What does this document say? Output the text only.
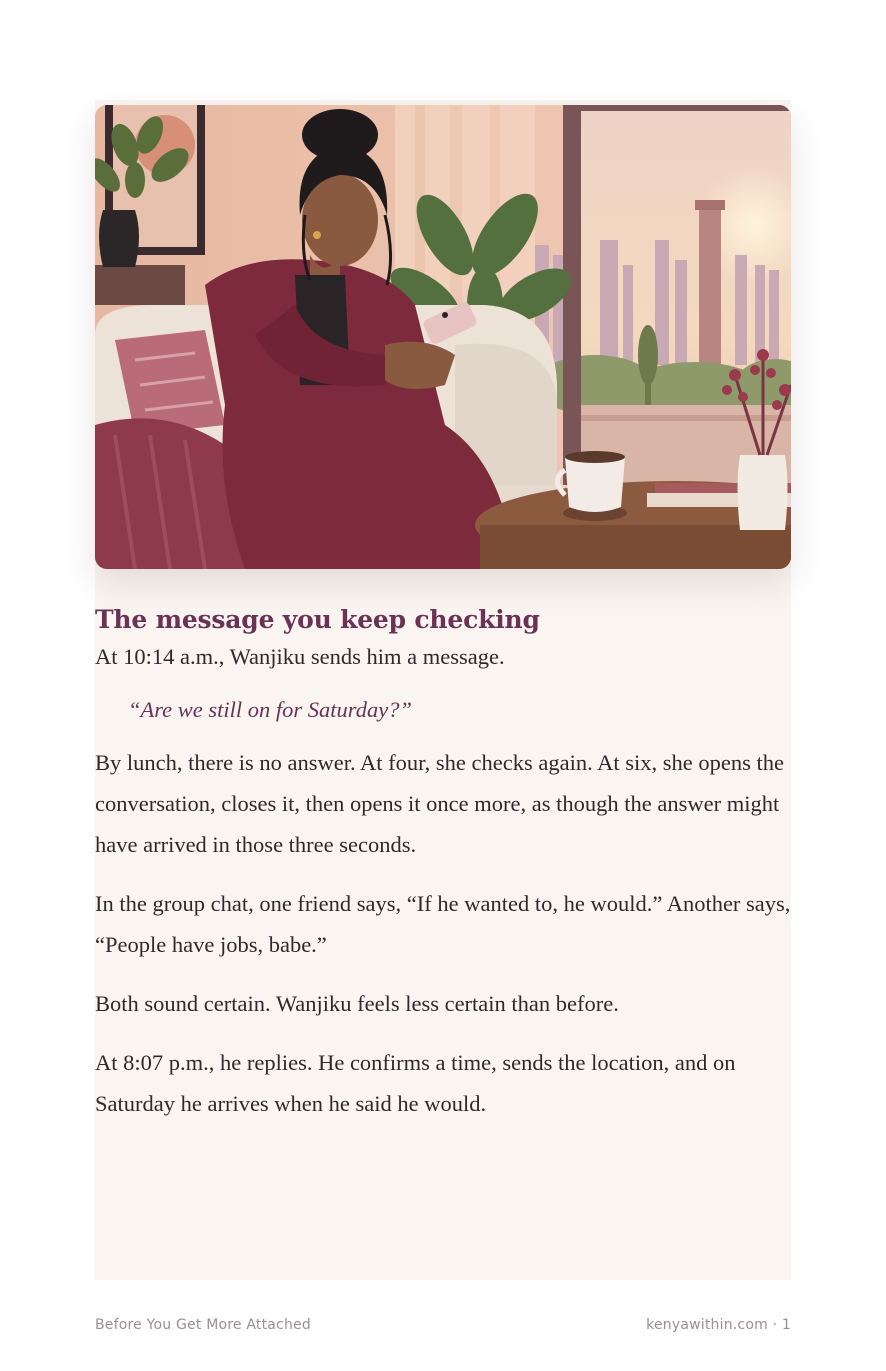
The message you keep checking

At 10:14 a.m., Wanjiku sends him a message.

“Are we still on for Saturday?”

By lunch, there is no answer. At four, she checks again. At six, she opens the conversation, closes it, then opens it once more, as though the answer might have arrived in those three seconds.

In the group chat, one friend says, “If he wanted to, he would.” Another says, “People have jobs, babe.”

Both sound certain. Wanjiku feels less certain than before.

At 8:07 p.m., he replies. He confirms a time, sends the location, and on Saturday he arrives when he said he would.

Before You Get More Attached	kenyawithin.com · 1
